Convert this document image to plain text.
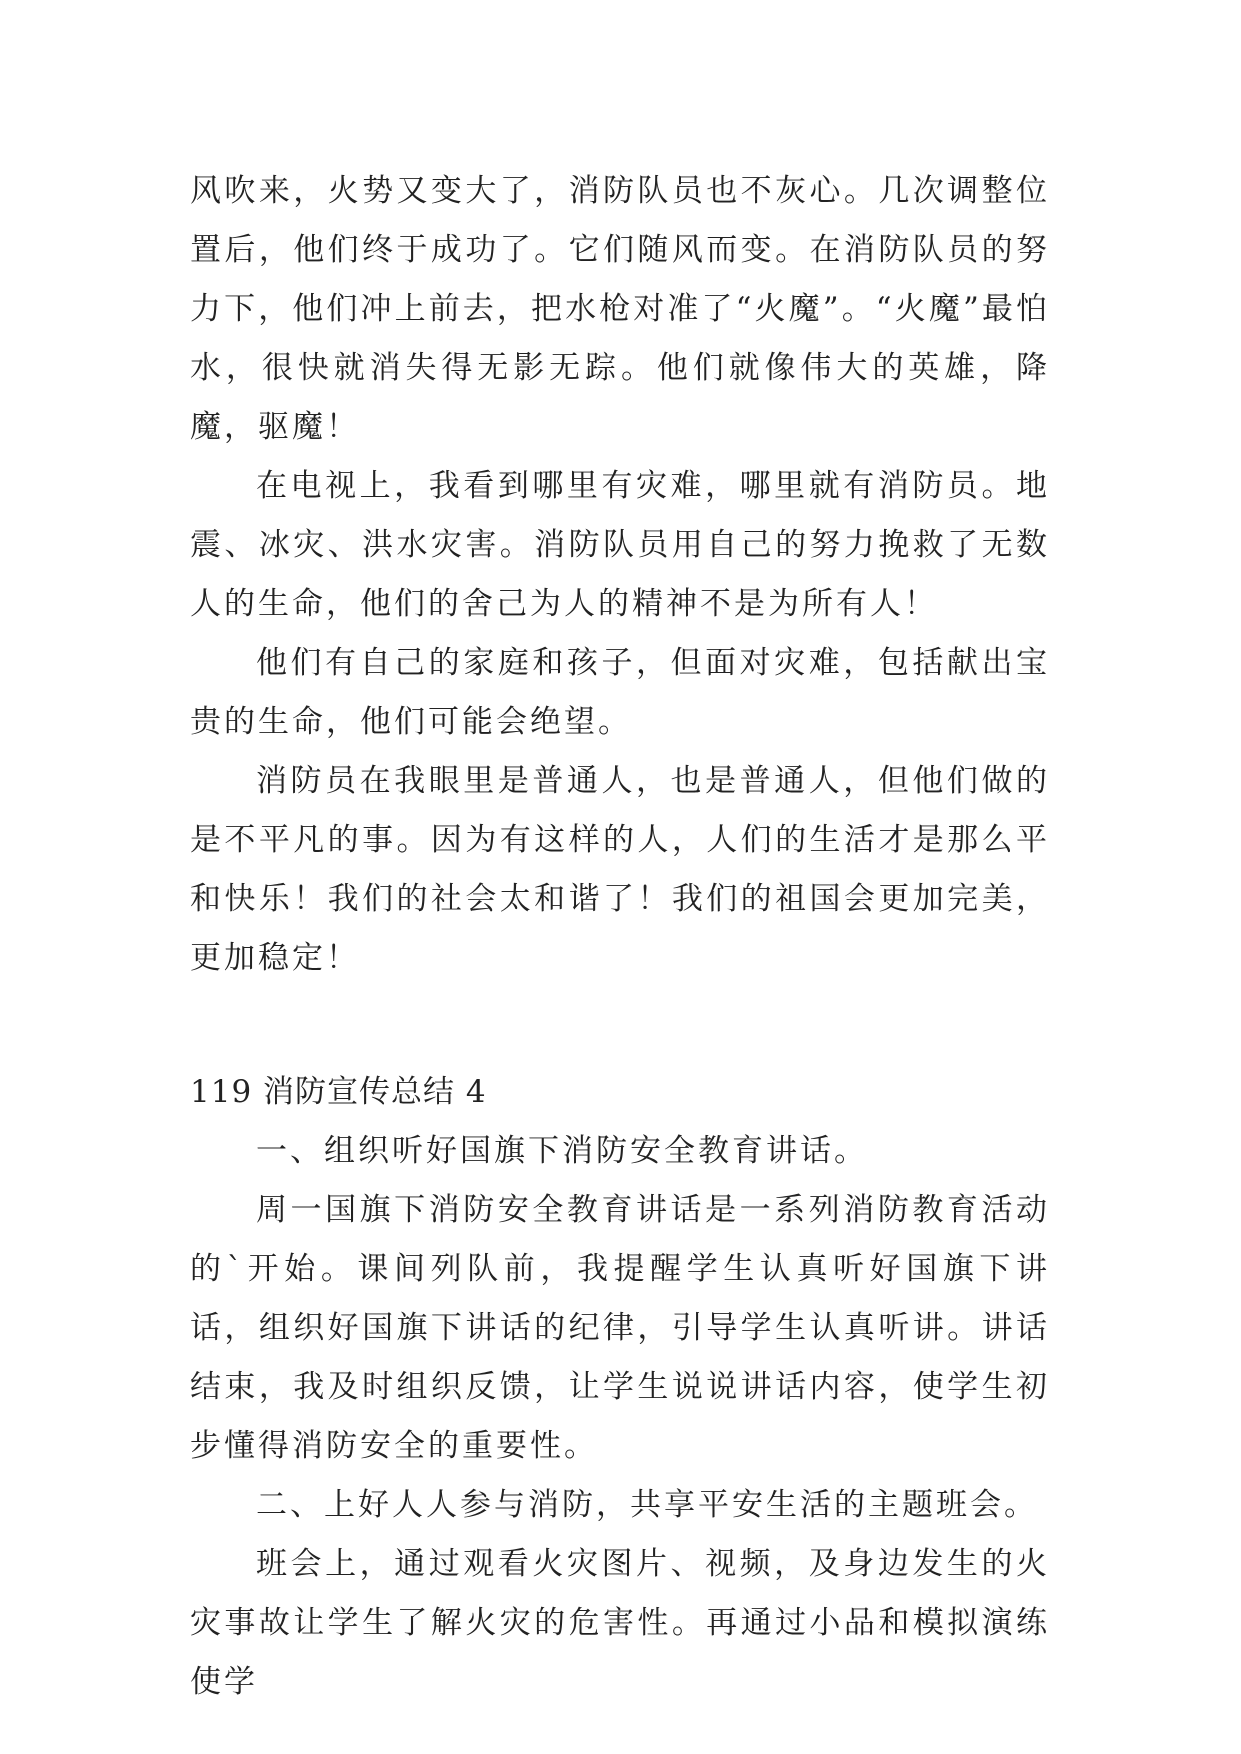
风吹来，火势又变大了，消防队员也不灰心。几次调整位置后，他们终于成功了。它们随风而变。在消防队员的努力下，他们冲上前去，把水枪对准了“火魔”。“火魔”最怕水，很快就消失得无影无踪。他们就像伟大的英雄，降魔，驱魔！

在电视上，我看到哪里有灾难，哪里就有消防员。地震、冰灾、洪水灾害。消防队员用自己的努力挽救了无数人的生命，他们的舍己为人的精神不是为所有人！

他们有自己的家庭和孩子，但面对灾难，包括献出宝贵的生命，他们可能会绝望。

消防员在我眼里是普通人，也是普通人，但他们做的是不平凡的事。因为有这样的人，人们的生活才是那么平和快乐！我们的社会太和谐了！我们的祖国会更加完美，更加稳定！

119 消防宣传总结 4

一、组织听好国旗下消防安全教育讲话。

周一国旗下消防安全教育讲话是一系列消防教育活动的`开始。课间列队前，我提醒学生认真听好国旗下讲话，组织好国旗下讲话的纪律，引导学生认真听讲。讲话结束，我及时组织反馈，让学生说说讲话内容，使学生初步懂得消防安全的重要性。

二、上好人人参与消防，共享平安生活的主题班会。

班会上，通过观看火灾图片、视频，及身边发生的火灾事故让学生了解火灾的危害性。再通过小品和模拟演练使学
